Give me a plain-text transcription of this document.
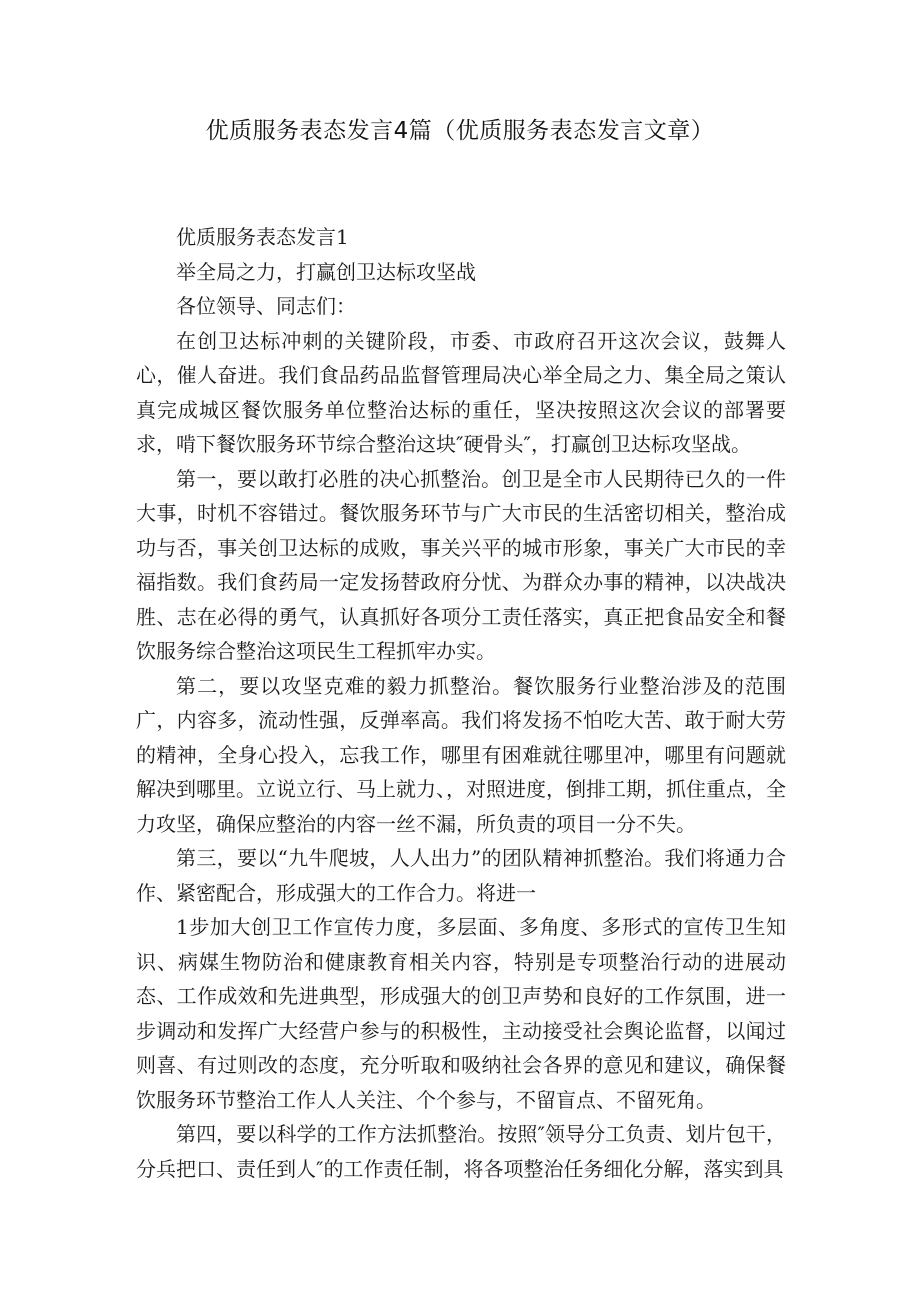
优质服务表态发言4篇（优质服务表态发言文章）

优质服务表态发言1

举全局之力，打赢创卫达标攻坚战

各位领导、同志们：

在创卫达标冲刺的关键阶段，市委、市政府召开这次会议，鼓舞人心，催人奋进。我们食品药品监督管理局决心举全局之力、集全局之策认真完成城区餐饮服务单位整治达标的重任，坚决按照这次会议的部署要求，啃下餐饮服务环节综合整治这块″硬骨头″，打赢创卫达标攻坚战。

第一，要以敢打必胜的决心抓整治。创卫是全市人民期待已久的一件大事，时机不容错过。餐饮服务环节与广大市民的生活密切相关，整治成功与否，事关创卫达标的成败，事关兴平的城市形象，事关广大市民的幸福指数。我们食药局一定发扬替政府分忧、为群众办事的精神，以决战决胜、志在必得的勇气，认真抓好各项分工责任落实，真正把食品安全和餐饮服务综合整治这项民生工程抓牢办实。

第二，要以攻坚克难的毅力抓整治。餐饮服务行业整治涉及的范围广，内容多，流动性强，反弹率高。我们将发扬不怕吃大苦、敢于耐大劳的精神，全身心投入，忘我工作，哪里有困难就往哪里冲，哪里有问题就解决到哪里。立说立行、马上就力、，对照进度，倒排工期，抓住重点，全力攻坚，确保应整治的内容一丝不漏，所负责的项目一分不失。

第三，要以“九牛爬坡，人人出力”的团队精神抓整治。我们将通力合作、紧密配合，形成强大的工作合力。将进一

1步加大创卫工作宣传力度，多层面、多角度、多形式的宣传卫生知识、病媒生物防治和健康教育相关内容，特别是专项整治行动的进展动态、工作成效和先进典型，形成强大的创卫声势和良好的工作氛围，进一步调动和发挥广大经营户参与的积极性，主动接受社会舆论监督，以闻过则喜、有过则改的态度，充分听取和吸纳社会各界的意见和建议，确保餐饮服务环节整治工作人人关注、个个参与，不留盲点、不留死角。

第四，要以科学的工作方法抓整治。按照″领导分工负责、划片包干，分兵把口、责任到人″的工作责任制，将各项整治任务细化分解，落实到具
